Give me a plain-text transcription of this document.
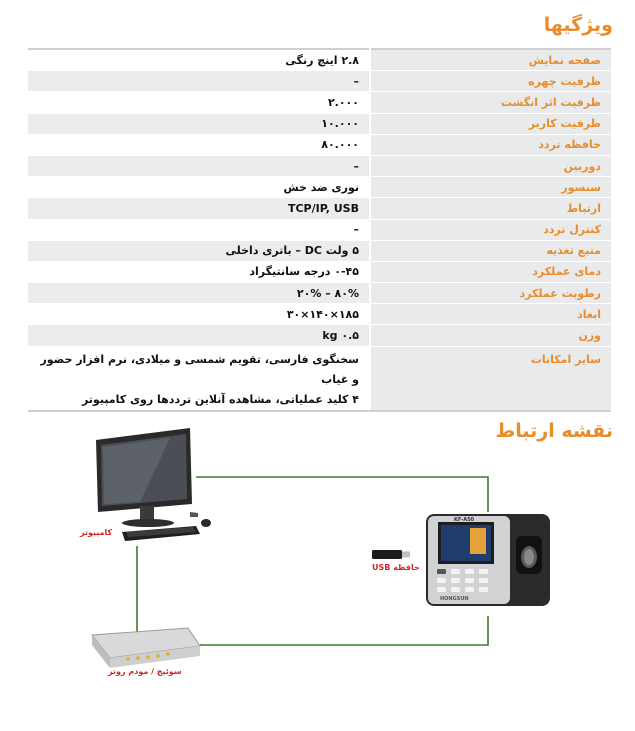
ویژگیها
صفحه نمایش	۲.۸ اینچ رنگی
ظرفیت چهره	–
ظرفیت اثر انگشت	۲.۰۰۰
ظرفیت کاربر	۱۰.۰۰۰
حافظه تردد	۸۰.۰۰۰
دوربین	–
سنسور	نوری ضد خش
ارتباط	TCP/IP, USB
کنترل تردد	–
منبع تغذیه	۵ ولت DC – باتری داخلی
دمای عملکرد	۰-۴۵ درجه سانتیگراد
رطوبت عملکرد	۸۰% – ۲۰%
ابعاد	۱۸۵×۱۴۰×۳۰
وزن	kg ۰.۵
سایر امکانات	سخنگوی فارسی، تقویم شمسی و میلادی، نرم افزار حضور و غیاب
۴ کلید عملیاتی، مشاهده آنلاین ترددها روی کامپیوتر
نقشه ارتباط
KF-A50
HONGSUN
کامپیوتر
حافظه USB
سوئیچ / مودم روتر
